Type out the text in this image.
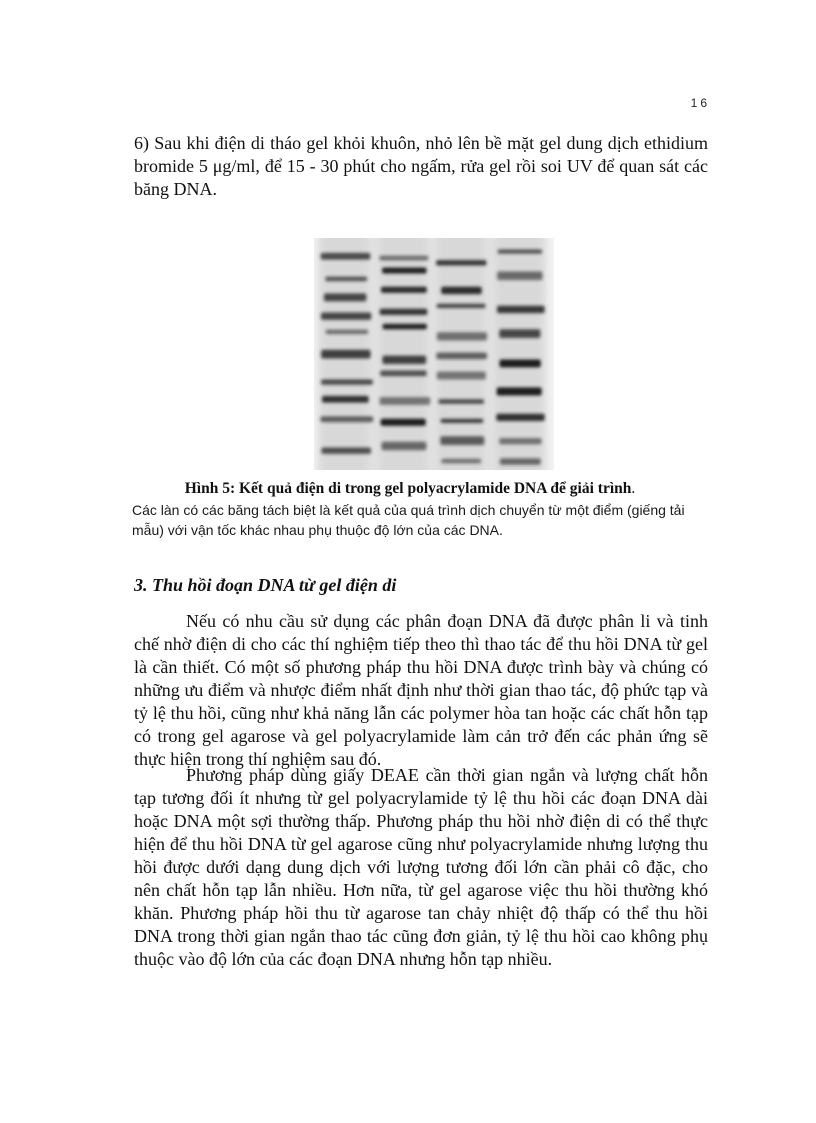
16

6) Sau khi điện di tháo gel khỏi khuôn, nhỏ lên bề mặt gel dung dịch ethidium bromide 5 μg/ml, để 15 - 30 phút cho ngấm, rửa gel rồi soi UV để quan sát các băng DNA.

Hình 5: Kết quả điện di trong gel polyacrylamide DNA để giải trình.

Các làn có các băng tách biệt là kết quả của quá trình dịch chuyển từ một điểm (giếng tải mẫu) với vận tốc khác nhau phụ thuộc độ lớn của các DNA.

3. Thu hồi đoạn DNA từ gel điện di

Nếu có nhu cầu sử dụng các phân đoạn DNA đã được phân li và tinh chế nhờ điện di cho các thí nghiệm tiếp theo thì thao tác để thu hồi DNA từ gel là cần thiết. Có một số phương pháp thu hồi DNA được trình bày và chúng có những ưu điểm và nhược điểm nhất định như thời gian thao tác, độ phức tạp và tỷ lệ thu hồi, cũng như khả năng lẫn các polymer hòa tan hoặc các chất hỗn tạp có trong gel agarose và gel polyacrylamide làm cản trở đến các phản ứng sẽ thực hiện trong thí nghiệm sau đó.

Phương pháp dùng giấy DEAE cần thời gian ngắn và lượng chất hỗn tạp tương đối ít nhưng từ gel polyacrylamide tỷ lệ thu hồi các đoạn DNA dài hoặc DNA một sợi thường thấp. Phương pháp thu hồi nhờ điện di có thể thực hiện để thu hồi DNA từ gel agarose cũng như polyacrylamide nhưng lượng thu hồi được dưới dạng dung dịch với lượng tương đối lớn cần phải cô đặc, cho nên chất hỗn tạp lẫn nhiều. Hơn nữa, từ gel agarose việc thu hồi thường khó khăn. Phương pháp hồi thu từ agarose tan chảy nhiệt độ thấp có thể thu hồi DNA trong thời gian ngắn thao tác cũng đơn giản, tỷ lệ thu hồi cao không phụ thuộc vào độ lớn của các đoạn DNA nhưng hỗn tạp nhiều.
